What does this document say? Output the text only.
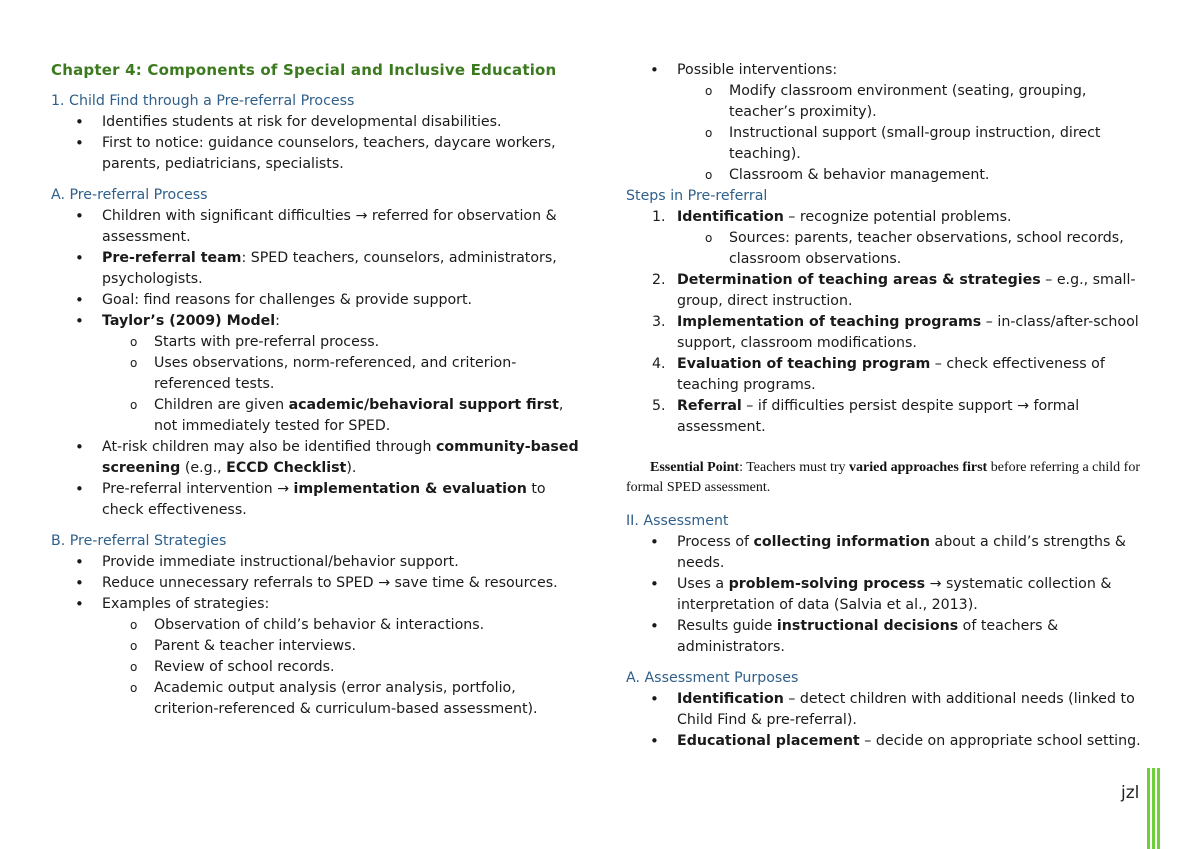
Chapter 4: Components of Special and Inclusive Education
1. Child Find through a Pre-referral Process
• Identifies students at risk for developmental disabilities.
• First to notice: guidance counselors, teachers, daycare workers, parents, pediatricians, specialists.
A. Pre-referral Process
• Children with significant difficulties → referred for observation & assessment.
• Pre-referral team: SPED teachers, counselors, administrators, psychologists.
• Goal: find reasons for challenges & provide support.
• Taylor’s (2009) Model:
o Starts with pre-referral process.
o Uses observations, norm-referenced, and criterion-referenced tests.
o Children are given academic/behavioral support first, not immediately tested for SPED.
• At-risk children may also be identified through community-based screening (e.g., ECCD Checklist).
• Pre-referral intervention → implementation & evaluation to check effectiveness.
B. Pre-referral Strategies
• Provide immediate instructional/behavior support.
• Reduce unnecessary referrals to SPED → save time & resources.
• Examples of strategies:
o Observation of child’s behavior & interactions.
o Parent & teacher interviews.
o Review of school records.
o Academic output analysis (error analysis, portfolio, criterion-referenced & curriculum-based assessment).
• Possible interventions:
o Modify classroom environment (seating, grouping, teacher’s proximity).
o Instructional support (small-group instruction, direct teaching).
o Classroom & behavior management.
Steps in Pre-referral
1. Identification – recognize potential problems.
o Sources: parents, teacher observations, school records, classroom observations.
2. Determination of teaching areas & strategies – e.g., small-group, direct instruction.
3. Implementation of teaching programs – in-class/after-school support, classroom modifications.
4. Evaluation of teaching program – check effectiveness of teaching programs.
5. Referral – if difficulties persist despite support → formal assessment.

Essential Point: Teachers must try varied approaches first before referring a child for formal SPED assessment.

II. Assessment
• Process of collecting information about a child’s strengths & needs.
• Uses a problem-solving process → systematic collection & interpretation of data (Salvia et al., 2013).
• Results guide instructional decisions of teachers & administrators.
A. Assessment Purposes
• Identification – detect children with additional needs (linked to Child Find & pre-referral).
• Educational placement – decide on appropriate school setting.
jzl
